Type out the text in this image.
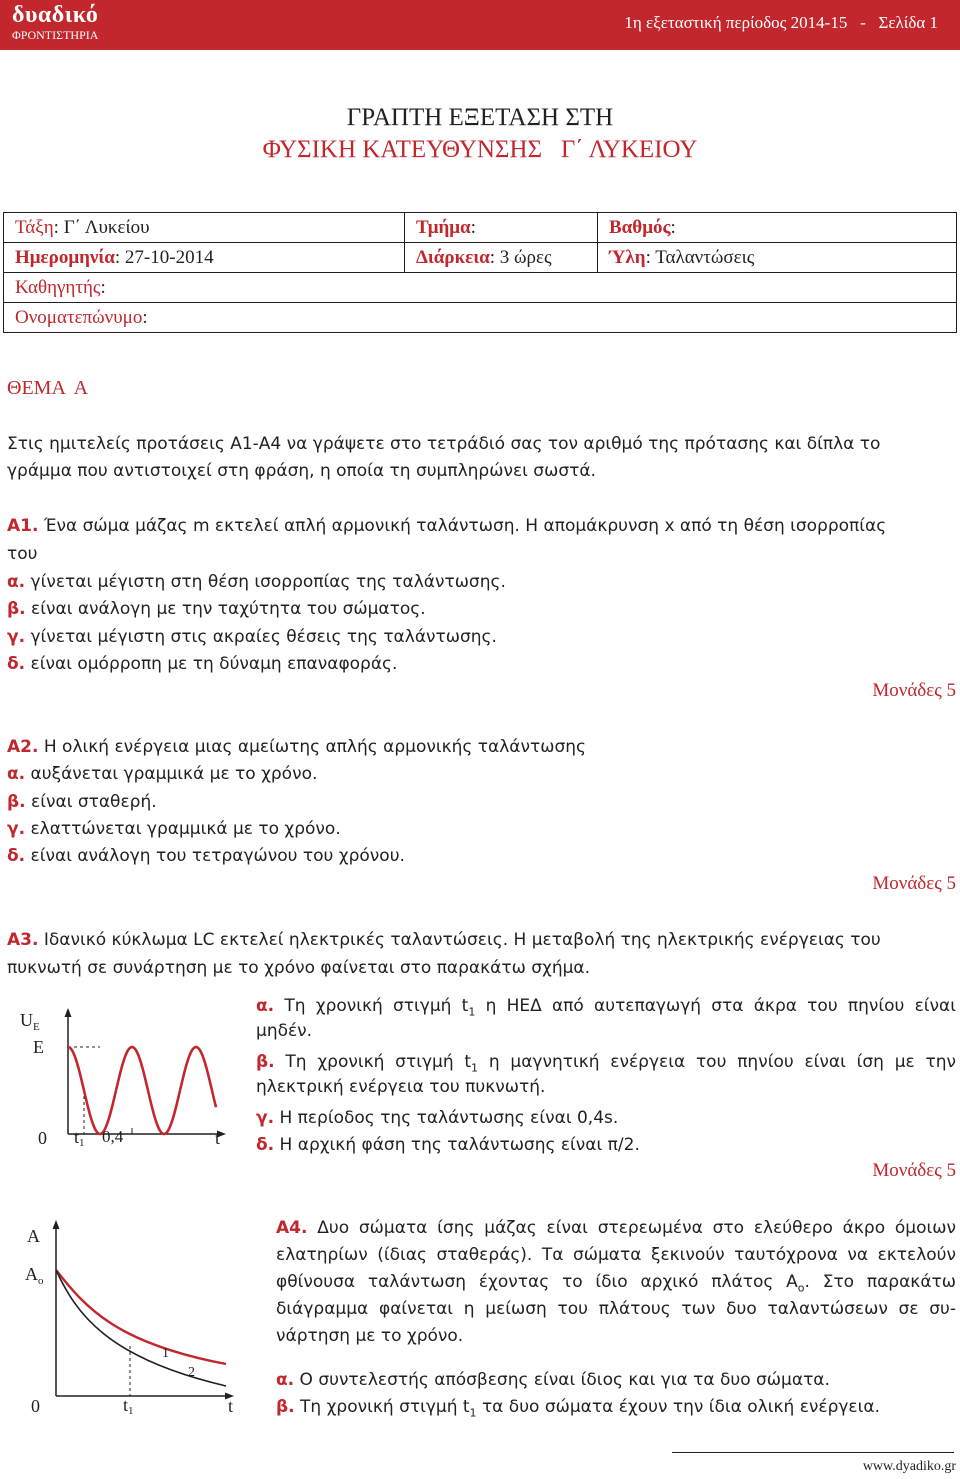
δυαδικό
ΦΡΟΝΤΙΣΤΗΡΙΑ
1η εξεταστική περίοδος 2014-15   -   Σελίδα 1
ΓΡΑΠΤΗ ΕΞΕΤΑΣΗ ΣΤΗ
ΦΥΣΙΚΗ ΚΑΤΕΥΘΥΝΣΗΣ   Γ΄ ΛΥΚΕΙΟΥ
Τάξη: Γ΄ Λυκείου	Τμήμα:	Βαθμός:
Ημερομηνία: 27-10-2014	Διάρκεια: 3 ώρες	Ύλη: Ταλαντώσεις
Καθηγητής:		
Ονοματεπώνυμο:		
ΘΕΜΑ  Α
Στις ημιτελείς προτάσεις Α1-Α4 να γράψετε στο τετράδιό σας τον αριθμό της πρότασης και δίπλα το
γράμμα που αντιστοιχεί στη φράση, η οποία τη συμπληρώνει σωστά.
Α1. Ένα σώμα μάζας m εκτελεί απλή αρμονική ταλάντωση. Η απομάκρυνση x από τη θέση ισορροπίας
του
α. γίνεται μέγιστη στη θέση ισορροπίας της ταλάντωσης.
β. είναι ανάλογη με την ταχύτητα του σώματος.
γ. γίνεται μέγιστη στις ακραίες θέσεις της ταλάντωσης.
δ. είναι ομόρροπη με τη δύναμη επαναφοράς.
Μονάδες 5
Α2. Η ολική ενέργεια μιας αμείωτης απλής αρμονικής ταλάντωσης
α. αυξάνεται γραμμικά με το χρόνο.
β. είναι σταθερή.
γ. ελαττώνεται γραμμικά με το χρόνο.
δ. είναι ανάλογη του τετραγώνου του χρόνου.
Μονάδες 5
Α3. Ιδανικό κύκλωμα LC εκτελεί ηλεκτρικές ταλαντώσεις. Η μεταβολή της ηλεκτρικής ενέργειας του
πυκνωτή σε συνάρτηση με το χρόνο φαίνεται στο παρακάτω σχήμα.
$U_E$
E
0 t1 0,4	t
α. Τη χρονική στιγμή $t_1$ η ΗΕΔ από αυτεπαγωγή στα άκρα του πηνίου είναι
μηδέν.
β. Τη χρονική στιγμή $t_1$ η μαγνητική ενέργεια του πηνίου είναι ίση με την
ηλεκτρική ενέργεια του πυκνωτή.
γ. Η περίοδος της ταλάντωσης είναι 0,4s.
δ. Η αρχική φάση της ταλάντωσης είναι π/2.
Μονάδες 5
A
$A_o$
0	t1	t
1
2
Α4. Δυο σώματα ίσης μάζας είναι στερεωμένα στο ελεύθερο άκρο όμοιων
ελατηρίων (ίδιας σταθεράς). Τα σώματα ξεκινούν ταυτόχρονα να εκτελούν
φθίνουσα ταλάντωση έχοντας το ίδιο αρχικό πλάτος $A_o$. Στο παρακάτω
διάγραμμα φαίνεται η μείωση του πλάτους των δυο ταλαντώσεων σε συ-
νάρτηση με το χρόνο.
α. Ο συντελεστής απόσβεσης είναι ίδιος και για τα δυο σώματα.
β. Τη χρονική στιγμή $t_1$ τα δυο σώματα έχουν την ίδια ολική ενέργεια.
www.dyadiko.gr
